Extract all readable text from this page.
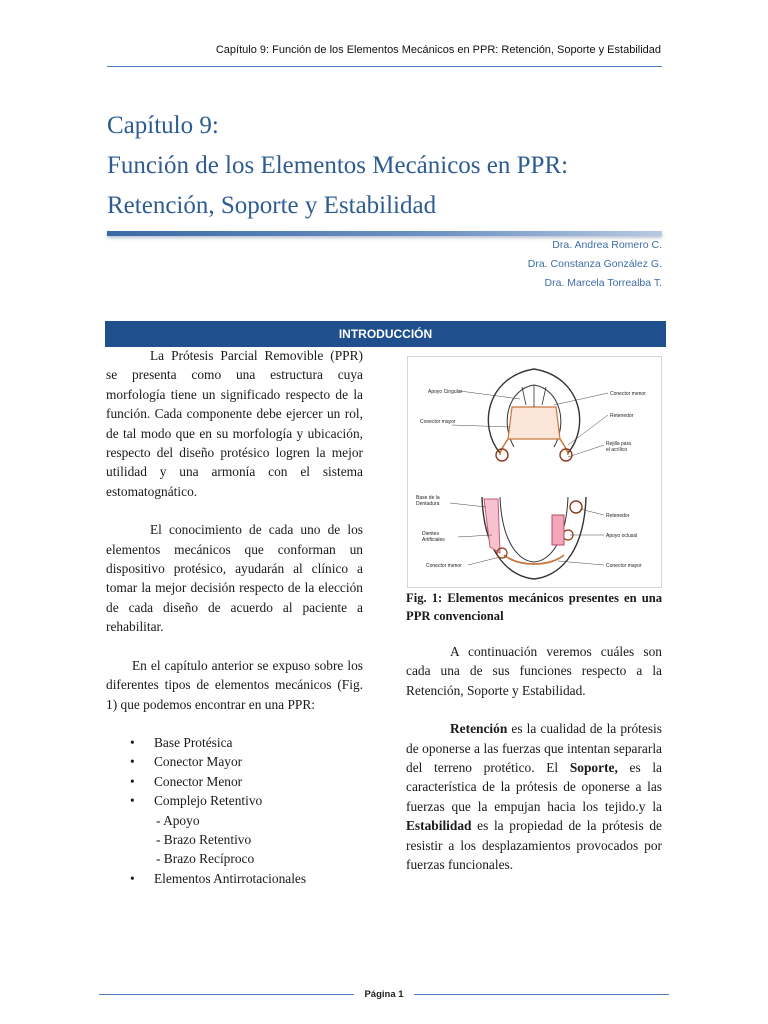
Capítulo 9: Función de los Elementos Mecánicos en PPR: Retención, Soporte y Estabilidad
Capítulo 9:
Función de los Elementos Mecánicos en PPR:
Retención, Soporte y Estabilidad
Dra. Andrea Romero C.
Dra. Constanza González G.
Dra. Marcela Torrealba T.
INTRODUCCIÓN

La Prótesis Parcial Removible (PPR) se presenta como una estructura cuya morfología tiene un significado respecto de la función. Cada componente debe ejercer un rol, de tal modo que en su morfología y ubicación, respecto del diseño protésico logren la mejor utilidad y una armonía con el sistema estomatognático.

El conocimiento de cada uno de los elementos mecánicos que conforman un dispositivo protésico, ayudarán al clínico a tomar la mejor decisión respecto de la elección de cada diseño de acuerdo al paciente a rehabilitar.

En el capítulo anterior se expuso sobre los diferentes tipos de elementos mecánicos (Fig. 1) que podemos encontrar en una PPR:

• Base Protésica
• Conector Mayor
• Conector Menor
• Complejo Retentivo
- Apoyo
- Brazo Retentivo
- Brazo Recíproco
• Elementos Antirrotacionales
Apoyo Cingular	Conector menor
Conector mayor
Retenedor
Rejilla para
el acrílico
Base de la
Dentadura
Retenedor
Dientes
Artificiales
Apoyo oclusal
Conector menor	Conector mayor
Fig. 1: Elementos mecánicos presentes en una PPR convencional

A continuación veremos cuáles son cada una de sus funciones respecto a la Retención, Soporte y Estabilidad.

Retención es la cualidad de la prótesis de oponerse a las fuerzas que intentan separarla del terreno protético. El Soporte, es la característica de la prótesis de oponerse a las fuerzas que la empujan hacia los tejido.y la Estabilidad es la propiedad de la prótesis de resistir a los desplazamientos provocados por fuerzas funcionales.

Página 1
